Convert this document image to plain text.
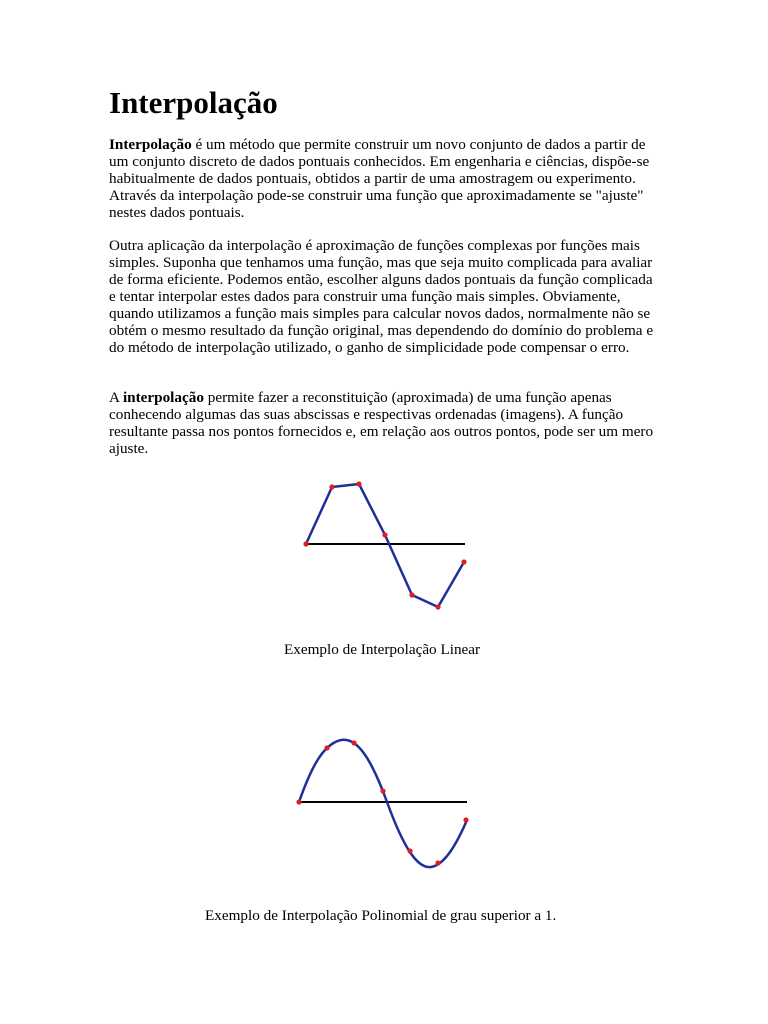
Interpolação

Interpolação é um método que permite construir um novo conjunto de dados a partir de um conjunto discreto de dados pontuais conhecidos. Em engenharia e ciências, dispõe-se habitualmente de dados pontuais, obtidos a partir de uma amostragem ou experimento. Através da interpolação pode-se construir uma função que aproximadamente se "ajuste" nestes dados pontuais.

Outra aplicação da interpolação é aproximação de funções complexas por funções mais simples. Suponha que tenhamos uma função, mas que seja muito complicada para avaliar de forma eficiente. Podemos então, escolher alguns dados pontuais da função complicada e tentar interpolar estes dados para construir uma função mais simples. Obviamente, quando utilizamos a função mais simples para calcular novos dados, normalmente não se obtém o mesmo resultado da função original, mas dependendo do domínio do problema e do método de interpolação utilizado, o ganho de simplicidade pode compensar o erro.

A interpolação permite fazer a reconstituição (aproximada) de uma função apenas conhecendo algumas das suas abscissas e respectivas ordenadas (imagens). A função resultante passa nos pontos fornecidos e, em relação aos outros pontos, pode ser um mero ajuste.

Exemplo de Interpolação Linear

Exemplo de Interpolação Polinomial de grau superior a 1.
